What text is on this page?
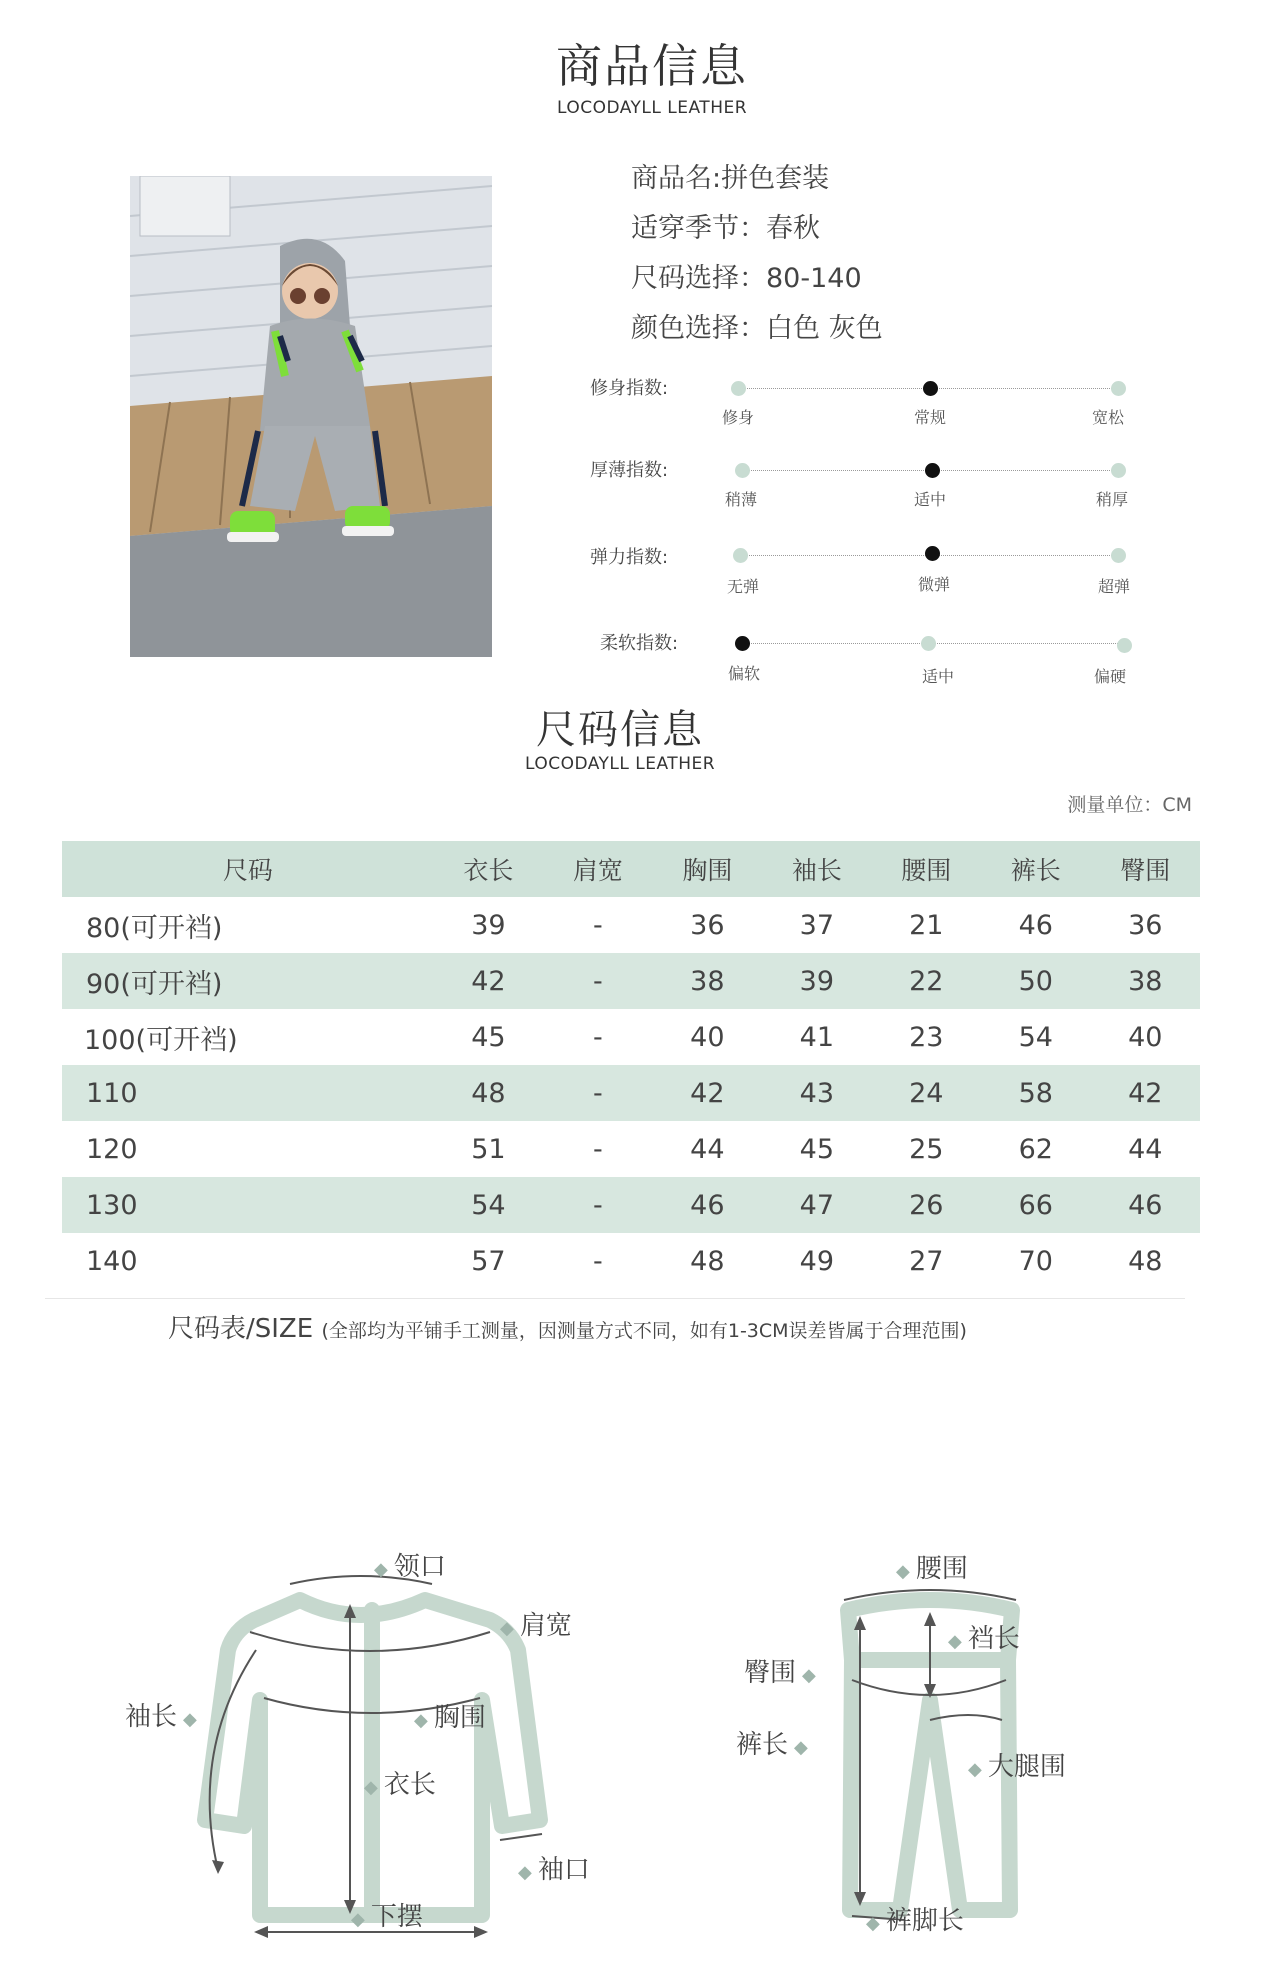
商品信息
LOCODAYLL LEATHER
商品名:拼色套装
适穿季节：春秋
尺码选择：80-140
颜色选择：白色 灰色
修身指数:
修身	常规	宽松
厚薄指数:
稍薄	适中	稍厚
弹力指数:
无弹	微弹	超弹
柔软指数:
偏软	适中	偏硬
尺码信息
LOCODAYLL LEATHER
测量单位：CM
尺码	衣长	肩宽	胸围	袖长	腰围	裤长	臀围
80(可开裆)	39	-	36	37	21	46	36
90(可开裆)	42	-	38	39	22	50	38
100(可开裆)	45	-	40	41	23	54	40
110	48	-	42	43	24	58	42
120	51	-	44	45	25	62	44
130	54	-	46	47	26	66	46
140	57	-	48	49	27	70	48
尺码表/SIZE (全部均为平铺手工测量，因测量方式不同，如有1-3CM误差皆属于合理范围)
◆ 领口
◆ 肩宽
袖长 ◆	◆ 胸围
◆ 衣长
◆ 袖口
◆ 下摆
◆ 腰围
◆ 裆长
臀围 ◆
裤长 ◆
◆ 大腿围
◆ 裤脚长
